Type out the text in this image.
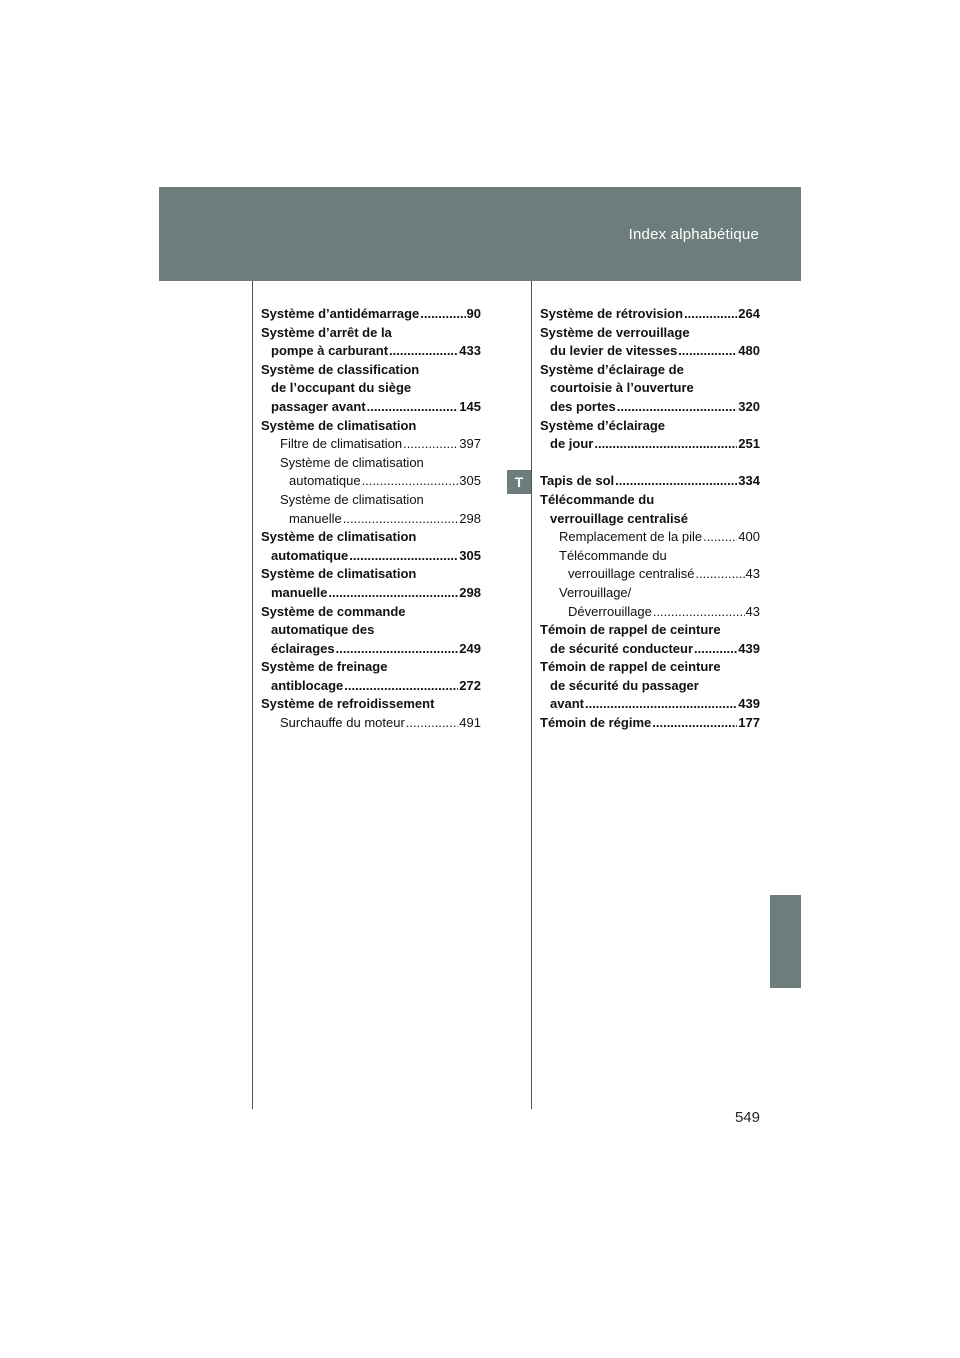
Index alphabétique
T
Système d’antidémarrage .....	90
Système d’arrêt de la
pompe à carburant .....	433
Système de classification
de l’occupant du siège
passager avant .....	145
Système de climatisation
Filtre de climatisation .....	397
Système de climatisation
automatique .....	305
Système de climatisation
manuelle .....	298
Système de climatisation
automatique .....	305
Système de climatisation
manuelle .....	298
Système de commande
automatique des
éclairages .....	249
Système de freinage
antiblocage .....	272
Système de refroidissement
Surchauffe du moteur .....	491
Système de rétrovision .....	264
Système de verrouillage
du levier de vitesses .....	480
Système d’éclairage de
courtoisie à l’ouverture
des portes .....	320
Système d’éclairage
de jour .....	251
Tapis de sol .....	334
Télécommande du
verrouillage centralisé
Remplacement de la pile .....	400
Télécommande du
verrouillage centralisé .....	43
Verrouillage/
Déverrouillage .....	43
Témoin de rappel de ceinture
de sécurité conducteur .....	439
Témoin de rappel de ceinture
de sécurité du passager
avant .....	439
Témoin de régime .....	177
549
